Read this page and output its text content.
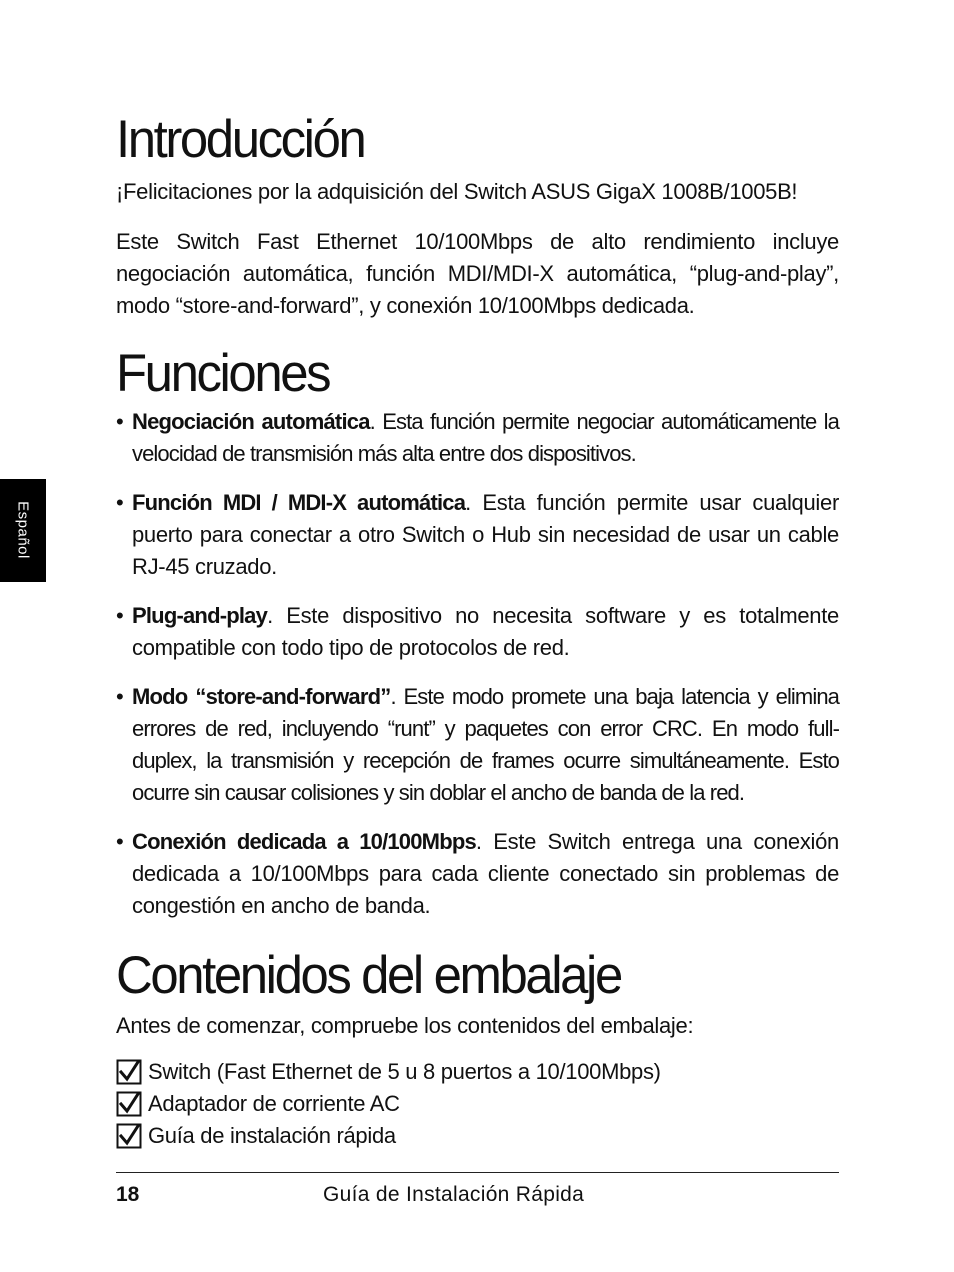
Español
Introducción

¡Felicitaciones por la adquisición del Switch ASUS GigaX 1008B/1005B!

Este Switch Fast Ethernet 10/100Mbps de alto rendimiento incluye negociación automática, función MDI/MDI-X automática, “plug-and-play”, modo “store-and-forward”, y conexión 10/100Mbps dedicada.

Funciones
• Negociación automática. Esta función permite negociar automáticamente la velocidad de transmisión más alta entre dos dispositivos.
• Función MDI / MDI-X automática. Esta función permite usar cualquier puerto para conectar a otro Switch o Hub sin necesidad de usar un cable RJ-45 cruzado.
• Plug-and-play. Este dispositivo no necesita software y es totalmente compatible con todo tipo de protocolos de red.
• Modo “store-and-forward”. Este modo promete una baja latencia y elimina errores de red, incluyendo “runt” y paquetes con error CRC. En modo full-duplex, la transmisión y recepción de frames ocurre simultáneamente. Esto ocurre sin causar colisiones y sin doblar el ancho de banda de la red.
• Conexión dedicada a 10/100Mbps. Este Switch entrega una conexión dedicada a 10/100Mbps para cada cliente conectado sin problemas de congestión en ancho de banda.
Contenidos del embalaje

Antes de comenzar, compruebe los contenidos del embalaje:

Switch (Fast Ethernet de 5 u 8 puertos a 10/100Mbps)
Adaptador de corriente AC
Guía de instalación rápida
18	Guía de Instalación Rápida
